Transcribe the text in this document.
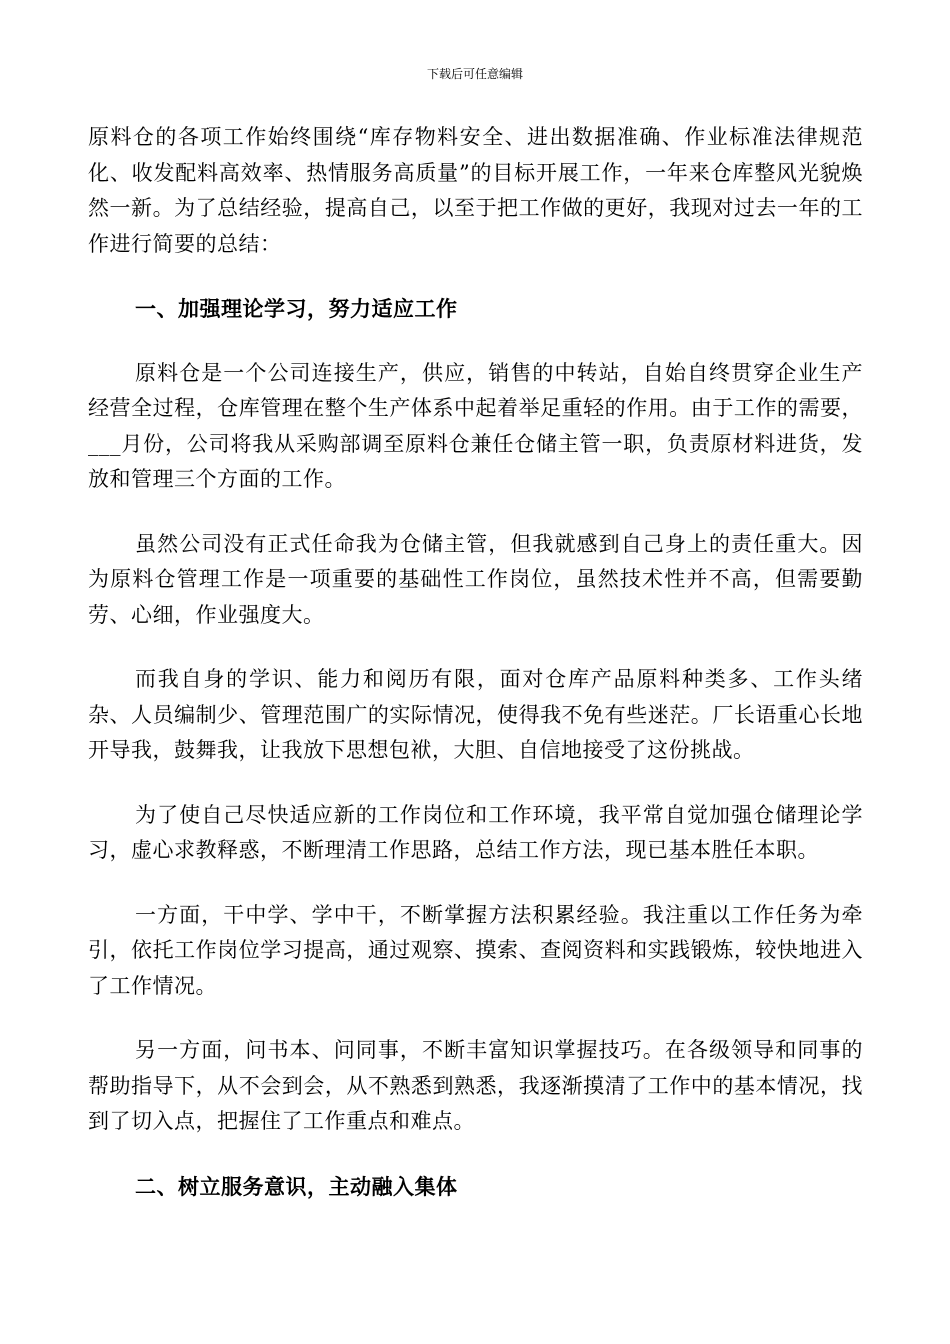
下载后可任意编辑

原料仓的各项工作始终围绕“库存物料安全、进出数据准确、作业标准法律规范化、收发配料高效率、热情服务高质量”的目标开展工作，一年来仓库整风光貌焕然一新。为了总结经验，提高自己，以至于把工作做的更好，我现对过去一年的工作进行简要的总结：

一、加强理论学习，努力适应工作

原料仓是一个公司连接生产，供应，销售的中转站，自始自终贯穿企业生产经营全过程，仓库管理在整个生产体系中起着举足重轻的作用。由于工作的需要，___月份，公司将我从采购部调至原料仓兼任仓储主管一职，负责原材料进货，发放和管理三个方面的工作。

虽然公司没有正式任命我为仓储主管，但我就感到自己身上的责任重大。因为原料仓管理工作是一项重要的基础性工作岗位，虽然技术性并不高，但需要勤劳、心细，作业强度大。

而我自身的学识、能力和阅历有限，面对仓库产品原料种类多、工作头绪杂、人员编制少、管理范围广的实际情况，使得我不免有些迷茫。厂长语重心长地开导我，鼓舞我，让我放下思想包袱，大胆、自信地接受了这份挑战。

为了使自己尽快适应新的工作岗位和工作环境，我平常自觉加强仓储理论学习，虚心求教释惑，不断理清工作思路，总结工作方法，现已基本胜任本职。

一方面，干中学、学中干，不断掌握方法积累经验。我注重以工作任务为牵引，依托工作岗位学习提高，通过观察、摸索、查阅资料和实践锻炼，较快地进入了工作情况。

另一方面，问书本、问同事，不断丰富知识掌握技巧。在各级领导和同事的帮助指导下，从不会到会，从不熟悉到熟悉，我逐渐摸清了工作中的基本情况，找到了切入点，把握住了工作重点和难点。

二、树立服务意识，主动融入集体
